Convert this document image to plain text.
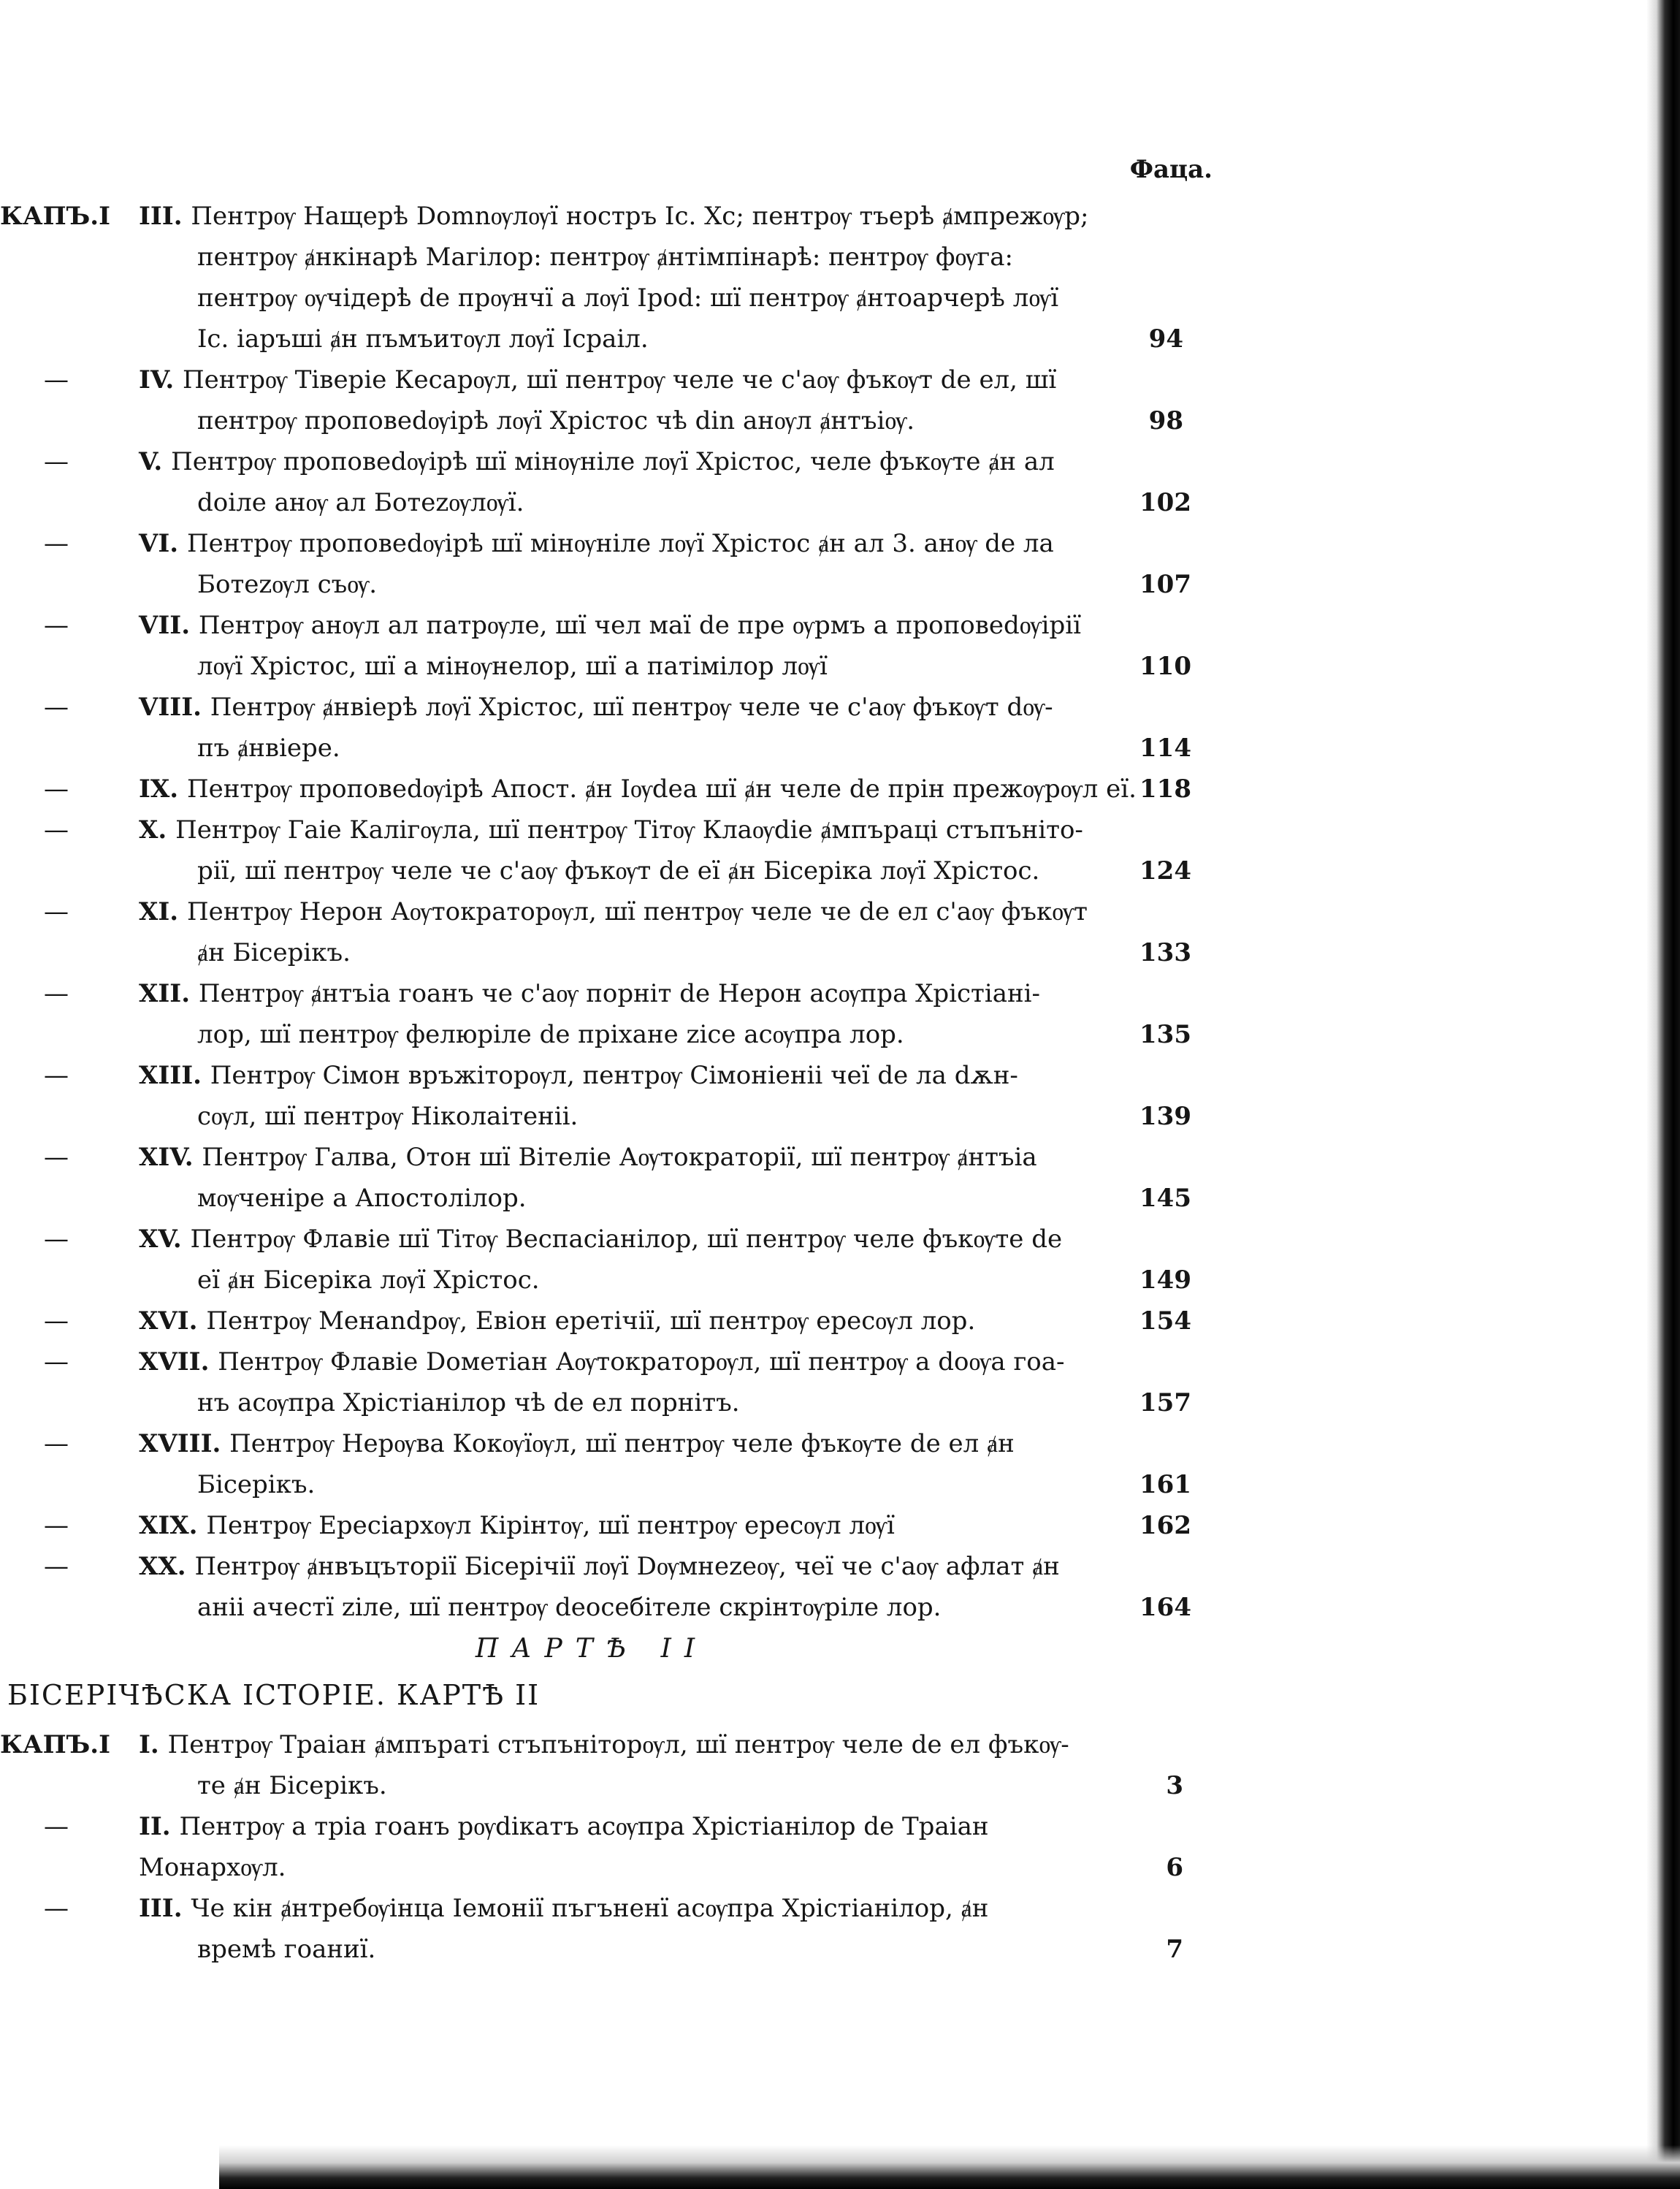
Фаца.
КАПЪ.І	III. Пентрѹ Нащерѣ Domnѹлѹї ностръ Іс. Хс; пентрѹ тъерѣ ⱥмпрежѹр;
пентрѹ ⱥнкінарѣ Магілор: пентрѹ ⱥнтімпінарѣ: пентрѹ фѹга:
пентрѹ ѹчідерѣ de прѹнчї а лѹї Іроd: шї пентрѹ ⱥнтоарчерѣ лѹї
Іс. іаръші ⱥн пъмъитѹл лѹї Ісраіл.	94
—	IV. Пентрѹ Тіверіе Кесарѹл, шї пентрѹ челе че с'аѹ фъкѹт de ел, шї
пентрѹ проповеdѹірѣ лѹї Хрістос чѣ din анѹл ⱥнтъіѹ.	98
—	V. Пентрѹ проповеdѹірѣ шї мінѹніле лѹї Хрістос, челе фъкѹте ⱥн ал
doіле анѹ ал Ботеzѹлѹї.	102
—	VI. Пентрѹ проповеdѹірѣ шї мінѹніле лѹї Хрістос ⱥн ал 3. анѹ de ла
Ботеzѹл съѹ.	107
—	VII. Пентрѹ анѹл ал патрѹле, шї чел маї de пре ѹрмъ а проповеdѹірії
лѹї Хрістос, шї а мінѹнелор, шї а патімілор лѹї	110
—	VIII. Пентрѹ ⱥнвіерѣ лѹї Хрістос, шї пентрѹ челе че с'аѹ фъкѹт dѹ-
пъ ⱥнвіере.	114
—	IX. Пентрѹ проповеdѹірѣ Апост. ⱥн Іѹdеа шї ⱥн челе de прін прежѹрѹл еї. 118
—	X. Пентрѹ Гаіе Калігѹла, шї пентрѹ Тітѹ Клаѹdіе ⱥмпъраці стъпъніто-
рії, шї пентрѹ челе че с'аѹ фъкѹт de еї ⱥн Бісеріка лѹї Хрістос.	124
—	XI. Пентрѹ Нерон Аѹтократорѹл, шї пентрѹ челе че de ел с'аѹ фъкѹт
ⱥн Бісерікъ.	133
—	XII. Пентрѹ ⱥнтъіа гоанъ че с'аѹ порніт de Нерон асѹпра Хрістіані-
лор, шї пентрѹ фелюріле de пріхане zісе асѹпра лор.	135
—	XIII. Пентрѹ Сімон връжіторѹл, пентрѹ Сімоніеніі чеї de ла dѫн-
сѹл, шї пентрѹ Ніколаітеніі.	139
—	XIV. Пентрѹ Галва, Отон шї Вітеліе Аѹтократорії, шї пентрѹ ⱥнтъіа
мѹченіре а Апостолілор.	145
—	XV. Пентрѹ Флавіе шї Тітѹ Веспасіанілор, шї пентрѹ челе фъкѹте de
еї ⱥн Бісеріка лѹї Хрістос.	149
—	XVI. Пентрѹ Менаndрѹ, Евіон еретічії, шї пентрѹ ересѹл лор.	154
—	XVII. Пентрѹ Флавіе Dометіан Аѹтократорѹл, шї пентрѹ а dоѹа гоа-
нъ асѹпра Хрістіанілор чѣ de ел порнітъ.	157
—	XVIII. Пентрѹ Нерѹва Кокѹїѹл, шї пентрѹ челе фъкѹте de ел ⱥн
Бісерікъ.	161
—	XIX. Пентрѹ Ересіархѹл Кірінтѹ, шї пентрѹ ересѹл лѹї	162
—	XX. Пентрѹ ⱥнвъцъторії Бісерічії лѹї Dѹмнеzеѹ, чеї че с'аѹ афлат ⱥн
аніі ачестї zіле, шї пентрѹ deосебітеле скрінтѹріле лор.	164
ПАРТѢ II
БІСЕРІЧѢСКА ІСТОРІЕ. КАРТѢ II
КАПЪ.І	I. Пентрѹ Траіан ⱥмпъраті стъпъніторѹл, шї пентрѹ челе de ел фъкѹ-
те ⱥн Бісерікъ.	3
—	II. Пентрѹ а тріа гоанъ рѹdікатъ асѹпра Хрістіанілор de Траіан Монархѹл.	6
—	III. Че кін ⱥнтребѹінца Іемонії пъгъненї асѹпра Хрістіанілор, ⱥн
времѣ гоаниї.	7
